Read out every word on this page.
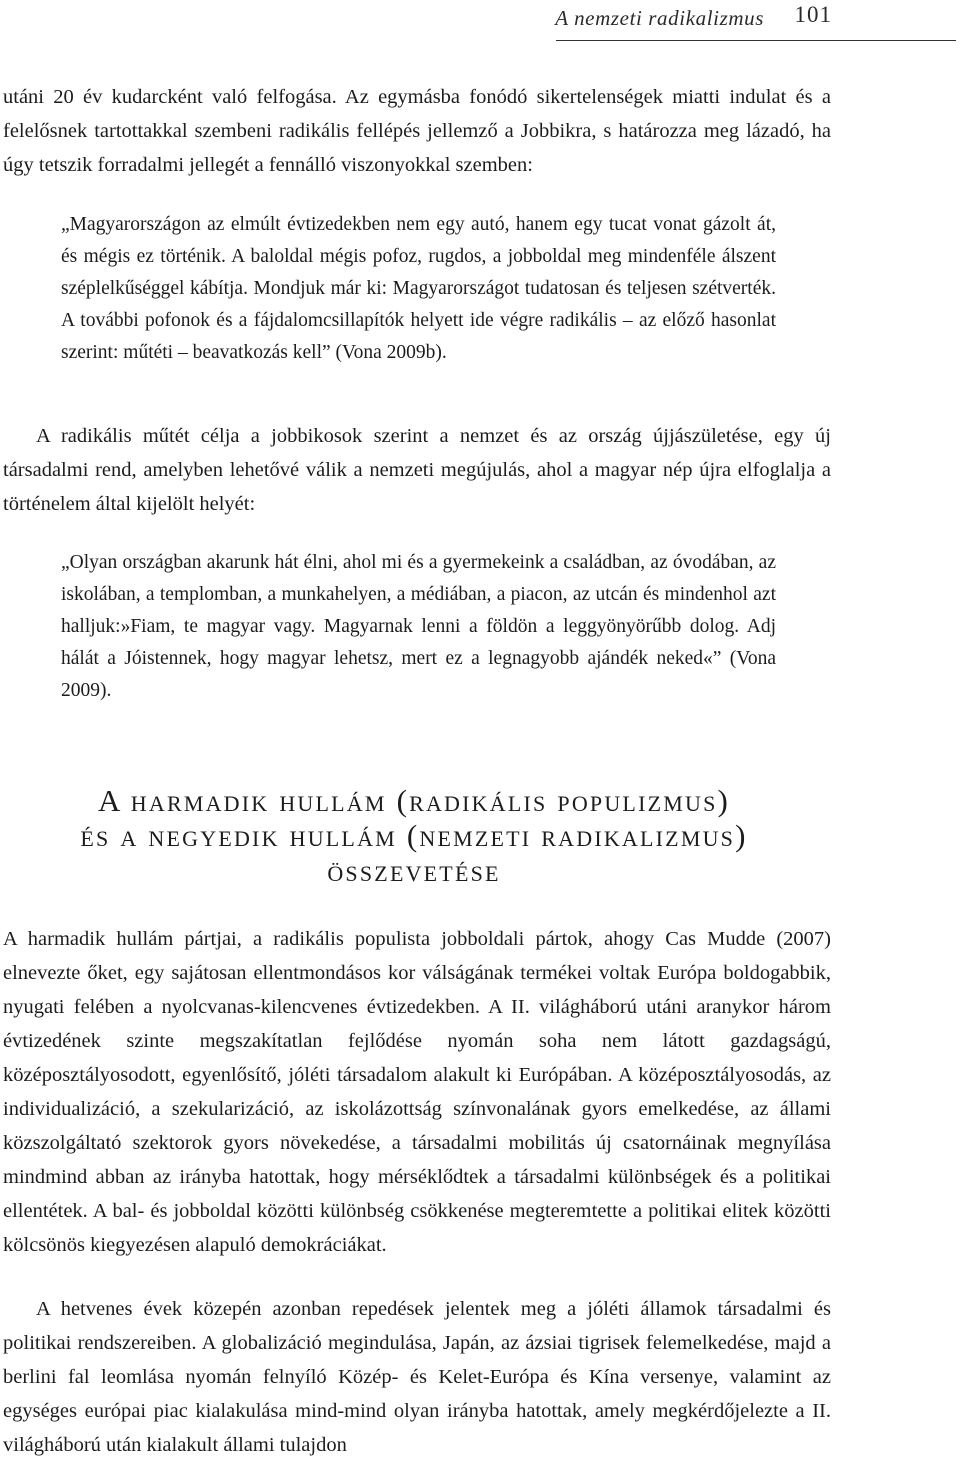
A nemzeti radikalizmus 101

utáni 20 év kudarcként való felfogása. Az egymásba fonódó sikertelenségek miatti indulat és a felelősnek tartottakkal szembeni radikális fellépés jellemző a Jobbikra, s határozza meg lázadó, ha úgy tetszik forradalmi jellegét a fennálló viszonyokkal szemben:

„Magyarországon az elmúlt évtizedekben nem egy autó, hanem egy tucat vonat gázolt át, és mégis ez történik. A baloldal mégis pofoz, rugdos, a jobboldal meg mindenféle álszent széplelkűséggel kábítja. Mondjuk már ki: Magyarországot tudatosan és teljesen szétverték. A további pofonok és a fájdalomcsillapítók helyett ide végre radikális – az előző hasonlat szerint: műtéti – beavatkozás kell” (Vona 2009b).

A radikális műtét célja a jobbikosok szerint a nemzet és az ország újjászületése, egy új társadalmi rend, amelyben lehetővé válik a nemzeti megújulás, ahol a magyar nép újra elfoglalja a történelem által kijelölt helyét:

„Olyan országban akarunk hát élni, ahol mi és a gyermekeink a családban, az óvodában, az iskolában, a templomban, a munkahelyen, a médiában, a piacon, az utcán és mindenhol azt halljuk:»Fiam, te magyar vagy. Magyarnak lenni a földön a leggyönyörűbb dolog. Adj hálát a Jóistennek, hogy magyar lehetsz, mert ez a legnagyobb ajándék neked«” (Vona 2009).
A harmadik hullám (radikális populizmus)
és a negyedik hullám (nemzeti radikalizmus)
összevetése

A harmadik hullám pártjai, a radikális populista jobboldali pártok, ahogy Cas Mudde (2007) elnevezte őket, egy sajátosan ellentmondásos kor válságának termékei voltak Európa boldogabbik, nyugati felében a nyolcvanas-kilencvenes évtizedekben. A II. világháború utáni aranykor három évtizedének szinte megszakítatlan fejlődése nyomán soha nem látott gazdagságú, középosztályosodott, egyenlősítő, jóléti társadalom alakult ki Európában. A középosztályosodás, az individualizáció, a szekularizáció, az iskolázottság színvonalának gyors emelkedése, az állami közszolgáltató szektorok gyors növekedése, a társadalmi mobilitás új csatornáinak megnyílása mindmind abban az irányba hatottak, hogy mérséklődtek a társadalmi különbségek és a politikai ellentétek. A bal- és jobboldal közötti különbség csökkenése megteremtette a politikai elitek közötti kölcsönös kiegyezésen alapuló demokráciákat.

A hetvenes évek közepén azonban repedések jelentek meg a jóléti államok társadalmi és politikai rendszereiben. A globalizáció megindulása, Japán, az ázsiai tigrisek felemelkedése, majd a berlini fal leomlása nyomán felnyíló Közép- és Kelet-Európa és Kína versenye, valamint az egységes európai piac kialakulása mind-mind olyan irányba hatottak, amely megkérdőjelezte a II. világháború után kialakult állami tulajdon
